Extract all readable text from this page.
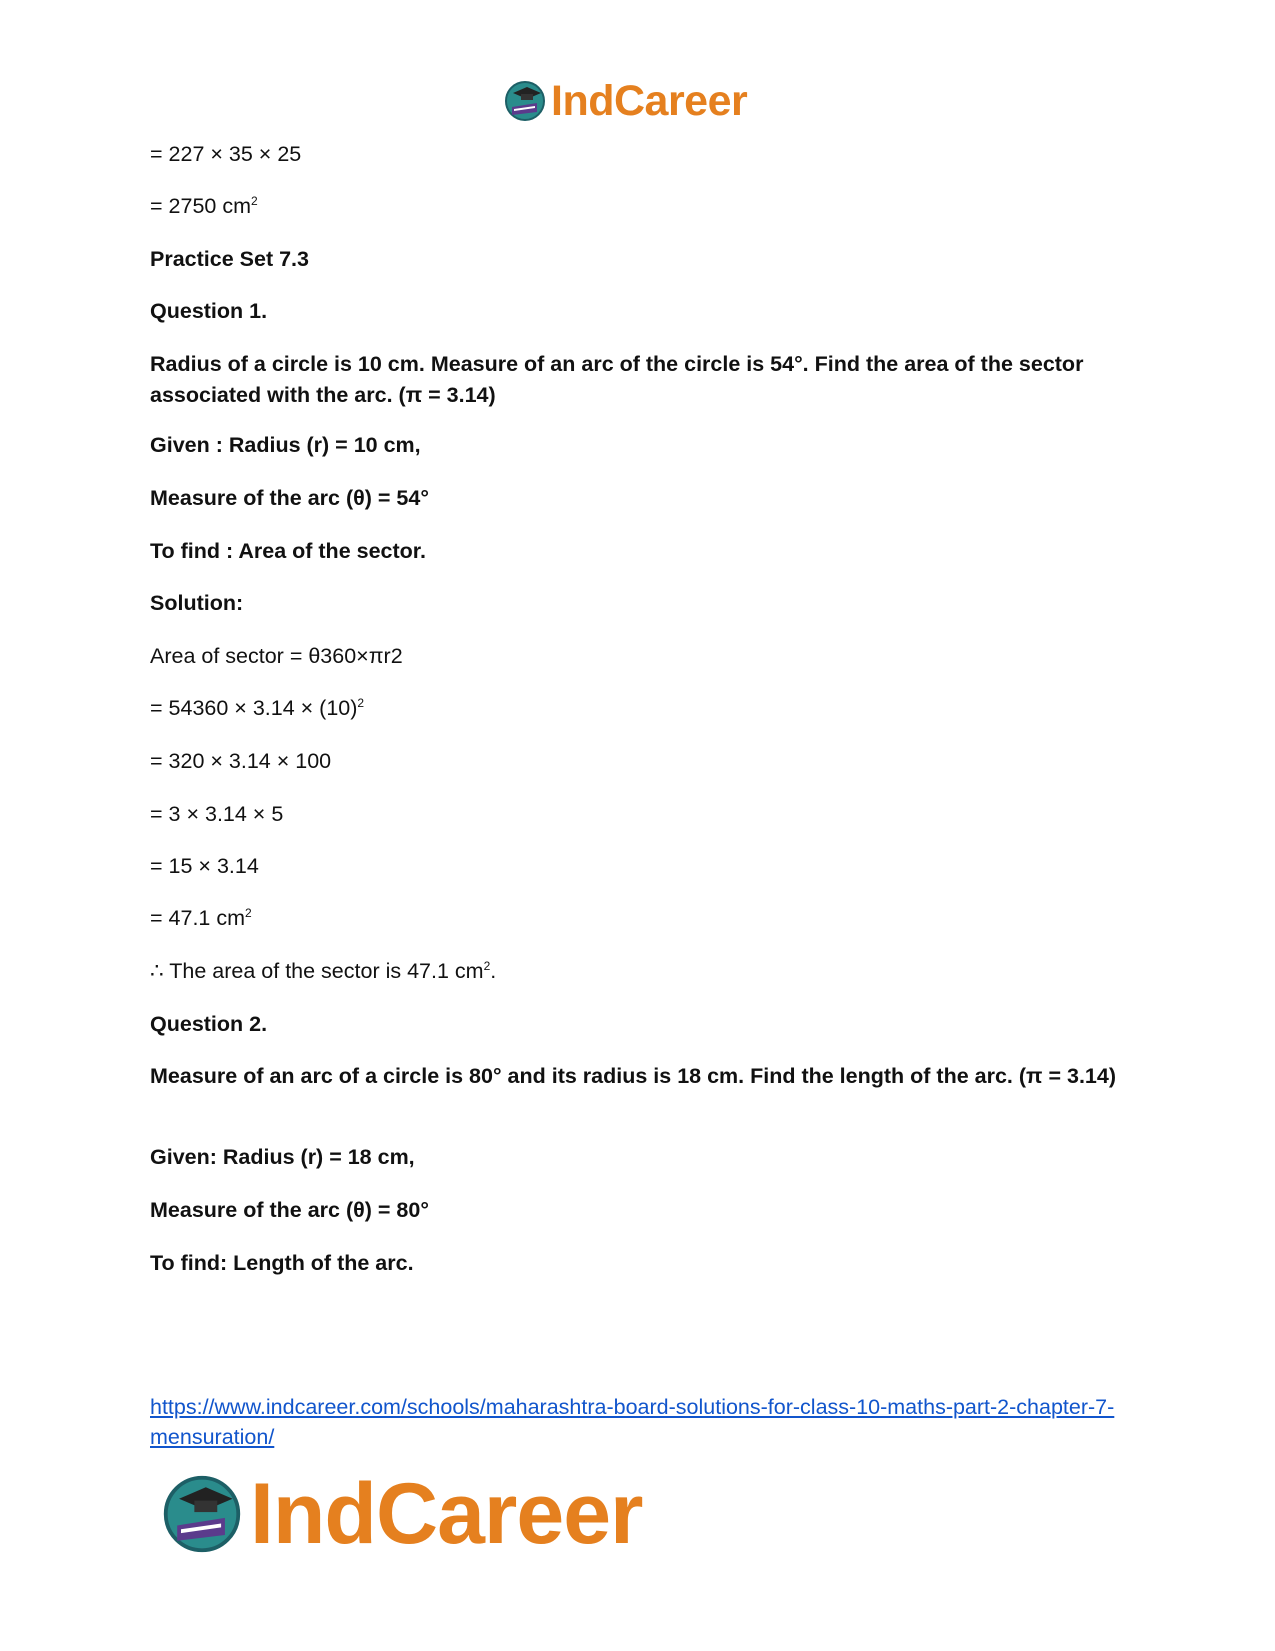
IndCareer

= 227 × 35 × 25

= 2750 $cm^2$

Practice Set 7.3

Question 1.

Radius of a circle is 10 cm. Measure of an arc of the circle is 54°. Find the area of the sector associated with the arc. (π = 3.14)

Given : Radius (r) = 10 cm,

Measure of the arc (θ) = 54°

To find : Area of the sector.

Solution:

Area of sector = θ360×πr2

= $54360 \times 3.14 \times (10)^2$

= 320 × 3.14 × 100

= 3 × 3.14 × 5

= 15 × 3.14

= 47.1 $cm^2$

∴ The area of the sector is 47.1 $cm^2$.

Question 2.

Measure of an arc of a circle is 80° and its radius is 18 cm. Find the length of the arc. (π = 3.14)

Given: Radius (r) = 18 cm,

Measure of the arc (θ) = 80°

To find: Length of the arc.

https://www.indcareer.com/schools/maharashtra-board-solutions-for-class-10-maths-part-2-chapter-7-mensuration/
IndCareer
